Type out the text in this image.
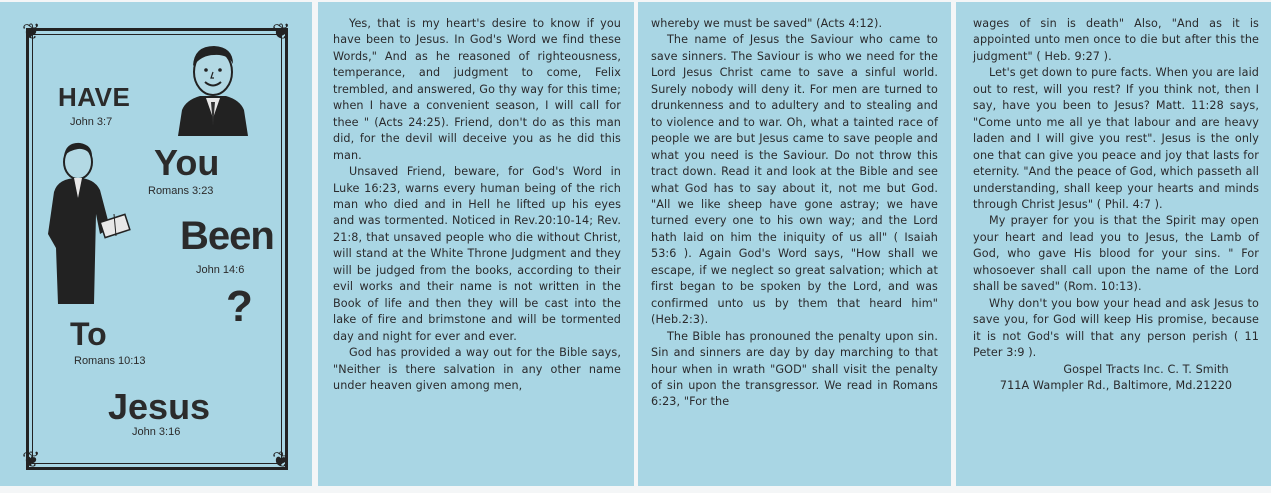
❦	❦
❦	❦
HAVE
John 3:7
You
Romans 3:23
Been
John 14:6
?
To
Romans 10:13
Jesus
John 3:16

Yes, that is my heart's desire to know if you have been to Jesus. In God's Word we find these Words," And as he reasoned of righteousness, temperance, and judgment to come, Felix trembled, and answered, Go thy way for this time; when I have a convenient season, I will call for thee " (Acts 24:25). Friend, don't do as this man did, for the devil will deceive you as he did this man.

Unsaved Friend, beware, for God's Word in Luke 16:23, warns every human being of the rich man who died and in Hell he lifted up his eyes and was tormented. Noticed in Rev.20:10-14; Rev. 21:8, that unsaved people who die without Christ, will stand at the White Throne Judgment and they will be judged from the books, according to their evil works and their name is not written in the Book of life and then they will be cast into the lake of fire and brimstone and will be tormented day and night for ever and ever.

God has provided a way out for the Bible says, "Neither is there salvation in any other name under heaven given among men,

whereby we must be saved" (Acts 4:12).

The name of Jesus the Saviour who came to save sinners. The Saviour is who we need for the Lord Jesus Christ came to save a sinful world. Surely nobody will deny it. For men are turned to drunkenness and to adultery and to stealing and to violence and to war. Oh, what a tainted race of people we are but Jesus came to save people and what you need is the Saviour. Do not throw this tract down. Read it and look at the Bible and see what God has to say about it, not me but God. "All we like sheep have gone astray; we have turned every one to his own way; and the Lord hath laid on him the iniquity of us all" ( Isaiah 53:6 ). Again God's Word says, "How shall we escape, if we neglect so great salvation; which at first began to be spoken by the Lord, and was confirmed unto us by them that heard him" (Heb.2:3).

The Bible has pronouned the penalty upon sin. Sin and sinners are day by day marching to that hour when in wrath "GOD" shall visit the penalty of sin upon the transgressor. We read in Romans 6:23, "For the

wages of sin is death" Also, "And as it is appointed unto men once to die but after this the judgment" ( Heb. 9:27 ).

Let's get down to pure facts. When you are laid out to rest, will you rest? If you think not, then I say, have you been to Jesus? Matt. 11:28 says, "Come unto me all ye that labour and are heavy laden and I will give you rest". Jesus is the only one that can give you peace and joy that lasts for eternity. "And the peace of God, which passeth all understanding, shall keep your hearts and minds through Christ Jesus" ( Phil. 4:7 ).

My prayer for you is that the Spirit may open your heart and lead you to Jesus, the Lamb of God, who gave His blood for your sins. " For whosoever shall call upon the name of the Lord shall be saved" (Rom. 10:13).

Why don't you bow your head and ask Jesus to save you, for God will keep His promise, because it is not God's will that any person perish ( 11 Peter 3:9 ).

Gospel Tracts Inc. C. T. Smith

711A Wampler Rd., Baltimore, Md.21220
